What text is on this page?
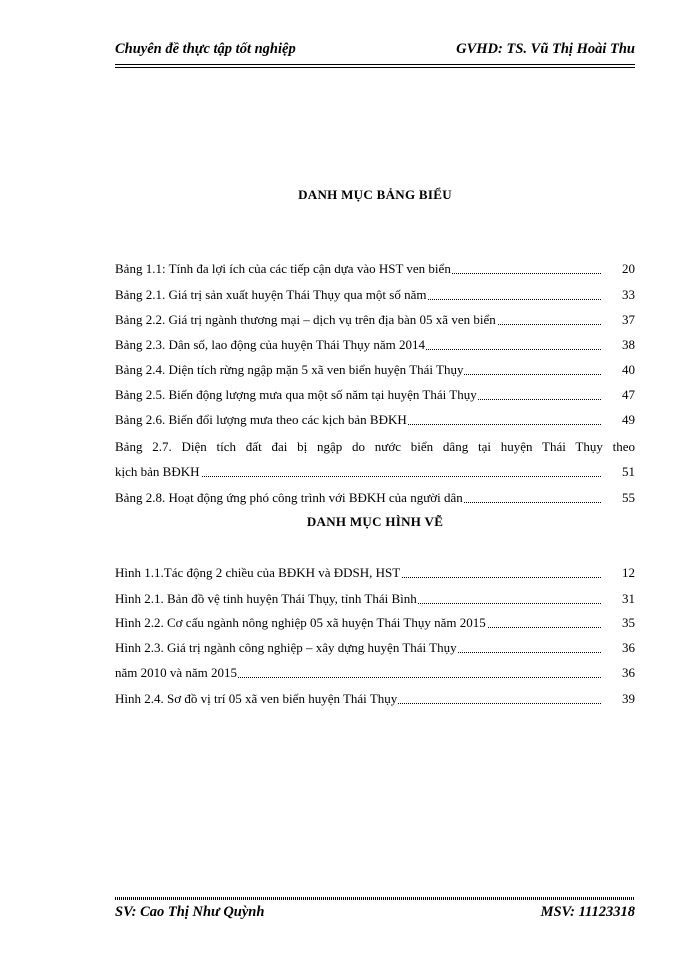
Chuyên đề thực tập tốt nghiệp	GVHD: TS. Vũ Thị Hoài Thu
DANH MỤC BẢNG BIỂU
Bảng 1.1: Tính đa lợi ích của các tiếp cận dựa vào HST ven biển	20
Bảng 2.1. Giá trị sản xuất huyện Thái Thụy qua một số năm	33
Bảng 2.2. Giá trị ngành thương mại – dịch vụ trên địa bàn 05 xã ven biển	37
Bảng 2.3. Dân số, lao động của huyện Thái Thụy năm 2014	38
Bảng 2.4. Diện tích rừng ngập mặn 5 xã ven biển huyện Thái Thụy	40
Bảng 2.5. Biến động lượng mưa qua một số năm tại huyện Thái Thụy	47
Bảng 2.6. Biến đổi lượng mưa theo các kịch bản BĐKH	49
Bảng 2.7. Diện tích đất đai bị ngập do nước biển dâng tại huyện Thái Thụy theo
kịch bản BĐKH	51
Bảng 2.8. Hoạt động ứng phó công trình với BĐKH của người dân	55
DANH MỤC HÌNH VẼ
Hình 1.1.Tác động 2 chiều của BĐKH và ĐDSH, HST	12
Hình 2.1. Bản đồ vệ tinh huyện Thái Thụy, tỉnh Thái Bình	31
Hình 2.2. Cơ cấu ngành nông nghiệp 05 xã huyện Thái Thụy năm 2015	35
Hình 2.3. Giá trị ngành công nghiệp – xây dựng huyện Thái Thụy	36
năm 2010 và năm 2015	36
Hình 2.4. Sơ đồ vị trí 05 xã ven biển huyện Thái Thụy	39
SV: Cao Thị Như Quỳnh	MSV: 11123318
